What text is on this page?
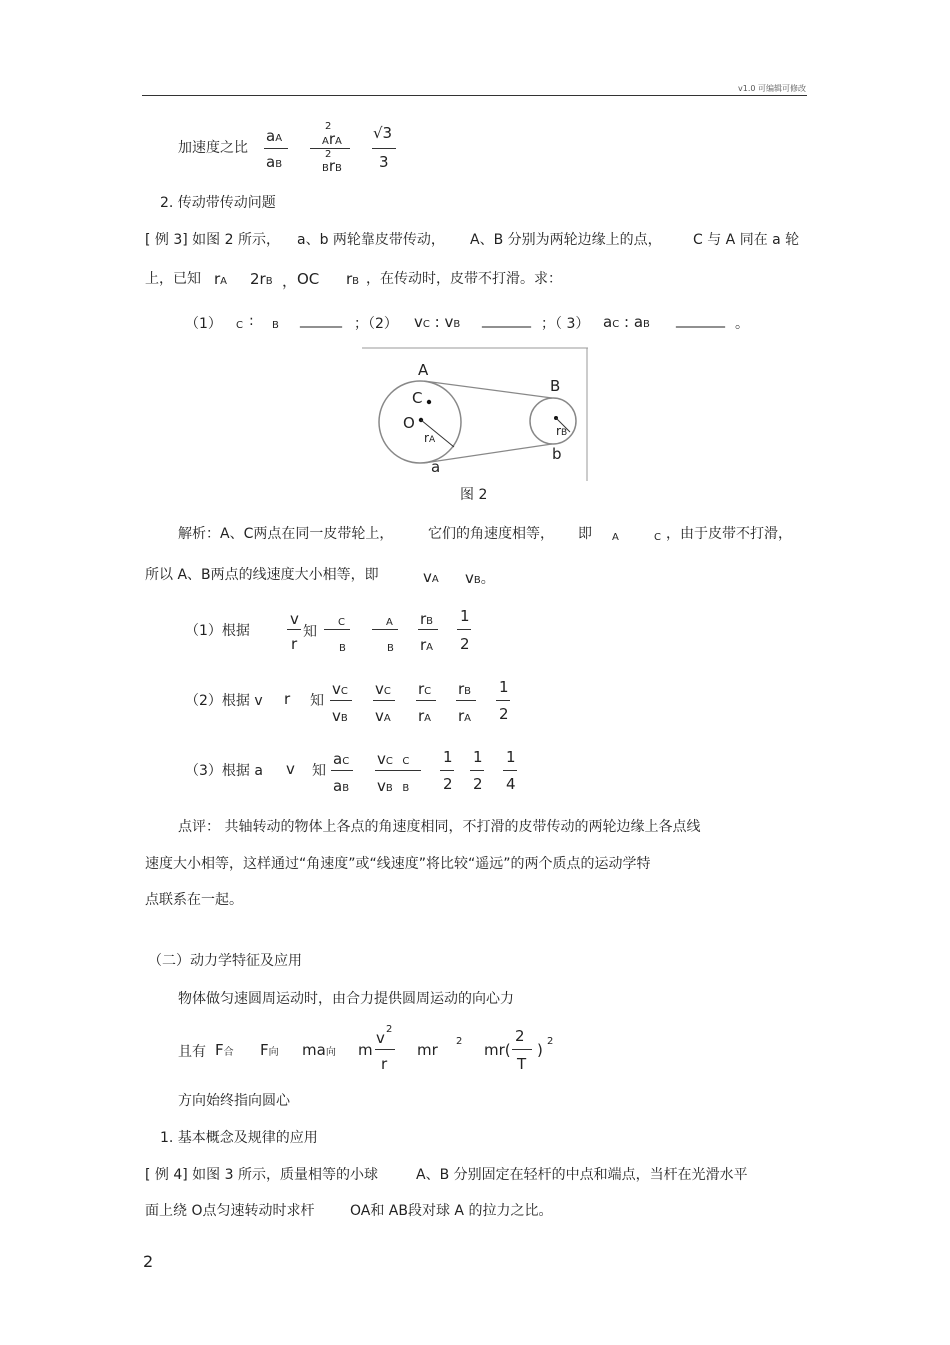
v1.0 可编辑可修改
加速度之比
aA
aB
2
ArA
2
BrB
√3
3
2. 传动带传动问题
[ 例 3] 如图 2 所示， a、b 两轮靠皮带传动， A、B 分别为两轮边缘上的点， C 与 A 同在 a 轮
上，已知 rA 2rB ， OC rB ，在传动时，皮带不打滑。求：
（1） C : B ______ ；（2） vC : vB _______ ；（ 3） aC : aB _______ 。
A
B
C
O
rA
rB
a
b
图 2
解析：A、C两点在同一皮带轮上， 它们的角速度相等， 即 A	C ，由于皮带不打滑，
所以 A、B两点的线速度大小相等，即	vA vB。
（1）根据
v
r
知
C
B
A
B
rB
rA
1
2
（2）根据 v r 知
vC
vB
vC
vA
rC
rA
rB
rA
1
2
（3）根据 a v 知
aC
aB
vC C
vB B
1
2
1
2
1
4
点评： 共轴转动的物体上各点的角速度相同，不打滑的皮带传动的两轮边缘上各点线
速度大小相等，这样通过“角速度”或“线速度”将比较“遥远”的两个质点的运动学特
点联系在一起。
（二）动力学特征及应用
物体做匀速圆周运动时，由合力提供圆周运动的向心力
且有 F合 F向 ma向 m
v 2
r
mr 2 mr(
2
T
) 2
方向始终指向圆心
1. 基本概念及规律的应用
[ 例 4] 如图 3 所示，质量相等的小球	A、B 分别固定在轻杆的中点和端点，当杆在光滑水平
面上绕 O点匀速转动时求杆	OA和 AB段对球 A 的拉力之比。
2
